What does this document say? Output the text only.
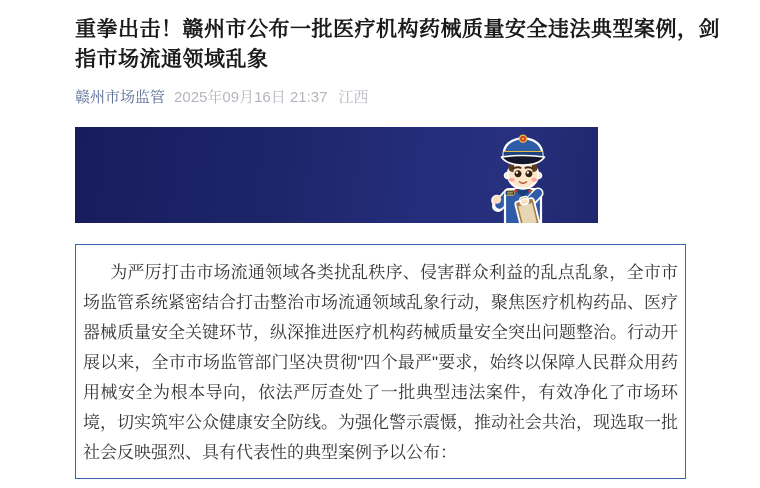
重拳出击！赣州市公布一批医疗机构药械质量安全违法典型案例，剑指市场流通领域乱象
赣州市场监管 2025年09月16日 21:37 江西

为严厉打击市场流通领域各类扰乱秩序、侵害群众利益的乱点乱象，全市市场监管系统紧密结合打击整治市场流通领域乱象行动，聚焦医疗机构药品、医疗器械质量安全关键环节，纵深推进医疗机构药械质量安全突出问题整治。行动开展以来，全市市场监管部门坚决贯彻"四个最严"要求，始终以保障人民群众用药用械安全为根本导向，依法严厉查处了一批典型违法案件，有效净化了市场环境，切实筑牢公众健康安全防线。为强化警示震慑，推动社会共治，现选取一批社会反映强烈、具有代表性的典型案例予以公布：
